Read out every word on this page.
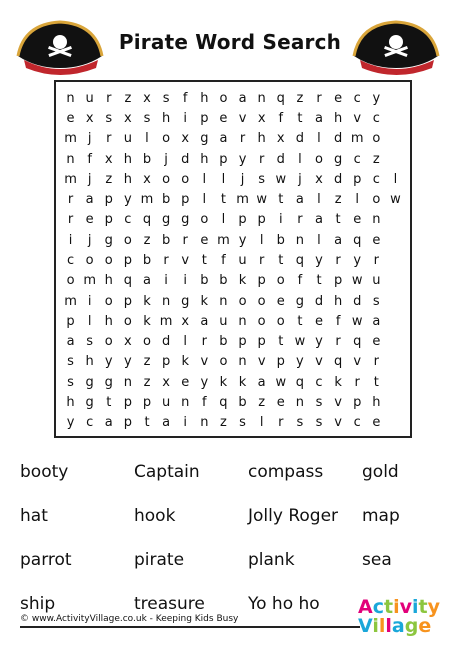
Pirate Word Search
n u r	z x s	f h o a n q z	r e c y
e x s x s h	i	p e v x f	t a h v c
m j	r u	l	o x g a r h x d	l	d m o
n f x h b	j	d h p y r d	l	o g c z
m j	z h x o o	l	l	j	s w j	x d p c	l
r a p y m b p	l	t m w t a	l	z	l	o w
r e p c q g g o	l	p p	i	r a t e n
i	j	g o z b r e m y	l	b n	l	a q e
c o o p b r v t	f u r	t q y r y r
o m h q a	i	i	b b k p o f	t p w u
m i	o p k n g k n o o e g d h d s
p	l	h o k m x a u n o o t e f w a
a s o x o d	l	r b p p t w y r q e
s h y y z p k v o n v p y v q v r
s g g n z x e y k k a w q c k r	t
h g t p p u n f q b z e n s v p h
y c a p t a	i	n z s	l	r	s s v c e
booty	Captain	compass	gold
hat	hook	Jolly Roger	map
parrot	pirate	plank	sea
ship	treasure	Yo ho ho
© www.ActivityVillage.co.uk - Keeping Kids Busy
Activity
Village
